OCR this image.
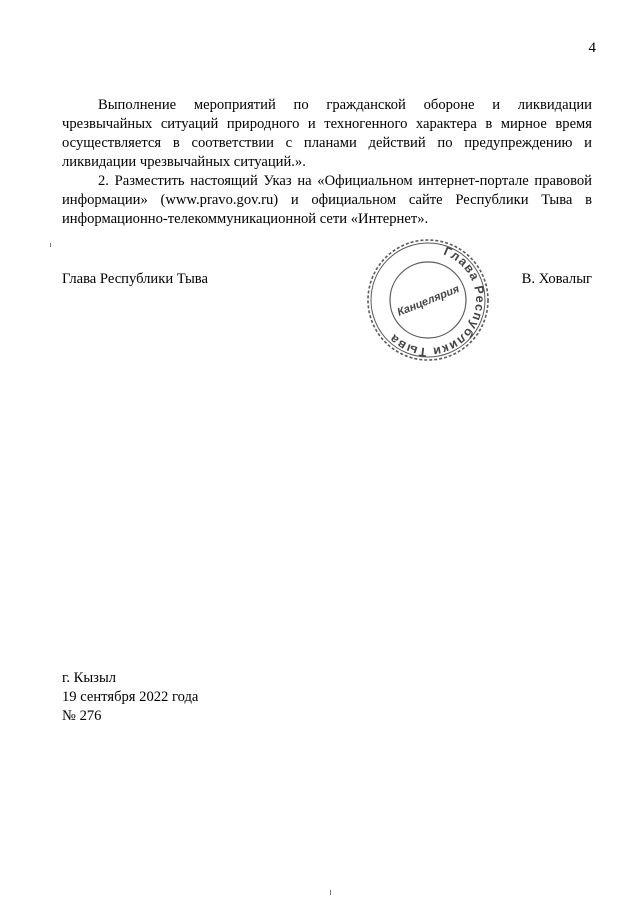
4

Выполнение мероприятий по гражданской обороне и ликвидации чрезвычайных ситуаций природного и техногенного характера в мирное время осуществляется в соответствии с планами действий по предупреждению и ликвидации чрезвычайных ситуаций.».

2. Разместить настоящий Указ на «Официальном интернет-портале правовой информации» (www.pravo.gov.ru) и официальном сайте Республики Тыва в информационно-телекоммуникационной сети «Интернет».

Глава Республики Тыва	В. Ховалыг
Глава Республики Тыва
Канцелярия
г. Кызыл
19 сентября 2022 года
№ 276
